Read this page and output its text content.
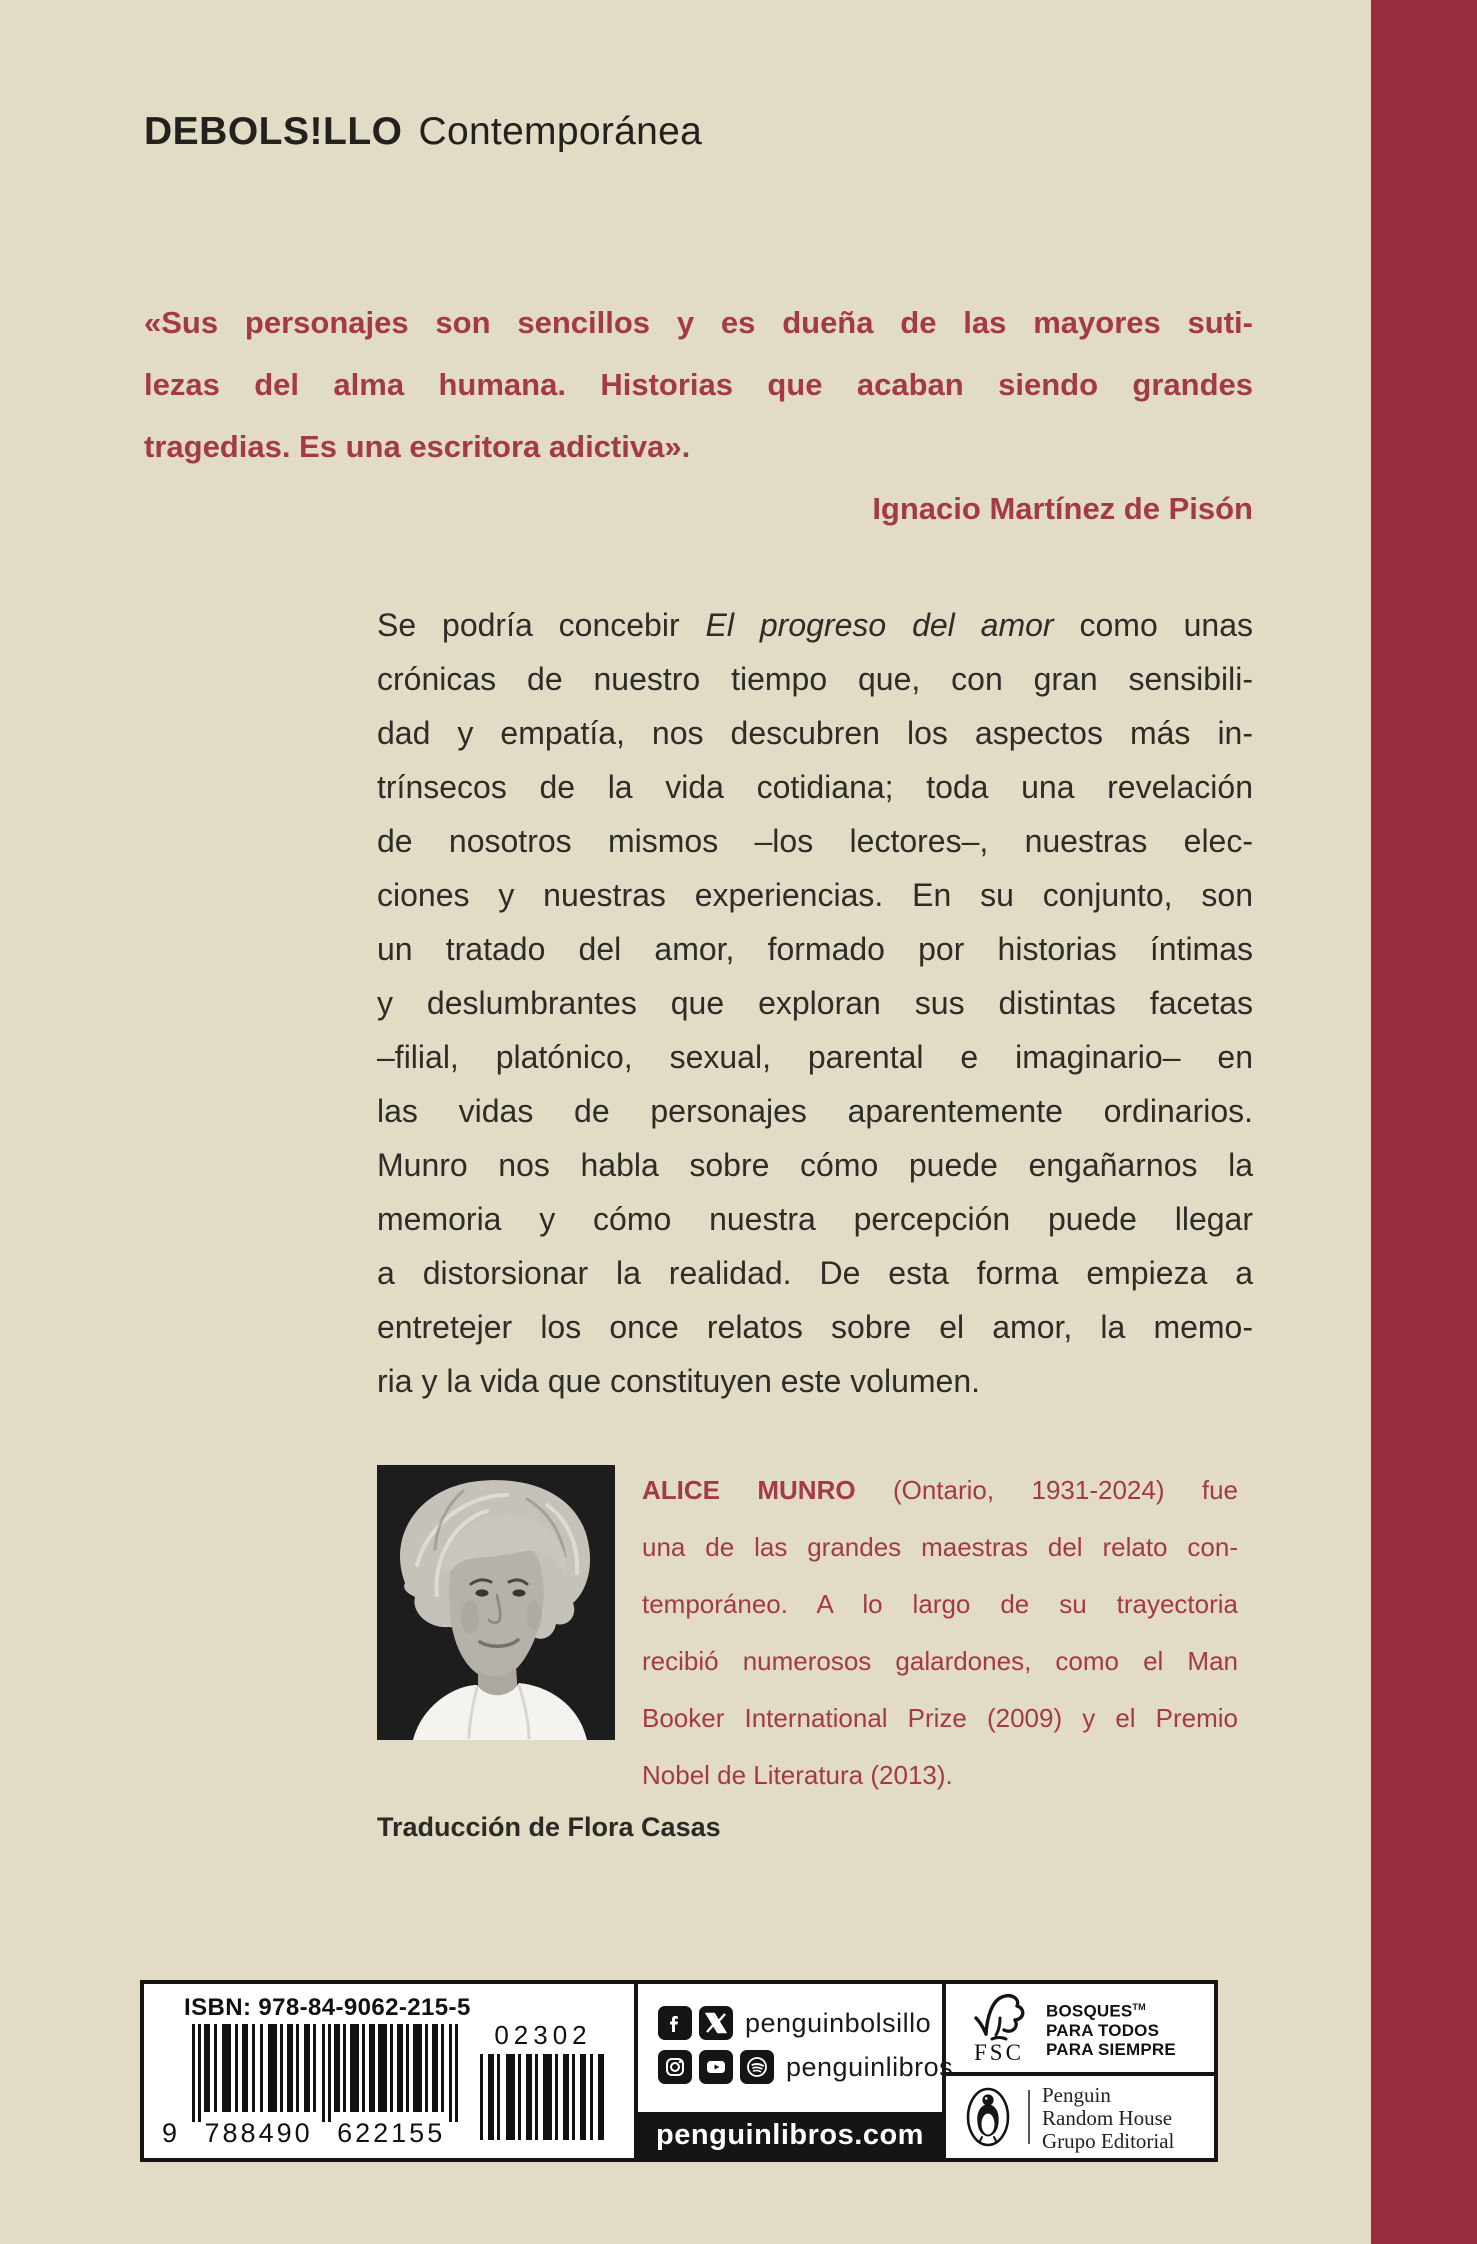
DEBOLS!LLO Contemporánea
«Sus personajes son sencillos y es dueña de las mayores suti-
lezas del alma humana. Historias que acaban siendo grandes
tragedias. Es una escritora adictiva».
Ignacio Martínez de Pisón
Se podría concebir El progreso del amor como unas
crónicas de nuestro tiempo que, con gran sensibili-
dad y empatía, nos descubren los aspectos más in-
trínsecos de la vida cotidiana; toda una revelación
de nosotros mismos –los lectores–, nuestras elec-
ciones y nuestras experiencias. En su conjunto, son
un tratado del amor, formado por historias íntimas
y deslumbrantes que exploran sus distintas facetas
–filial, platónico, sexual, parental e imaginario– en
las vidas de personajes aparentemente ordinarios.
Munro nos habla sobre cómo puede engañarnos la
memoria y cómo nuestra percepción puede llegar
a distorsionar la realidad. De esta forma empieza a
entretejer los once relatos sobre el amor, la memo-
ria y la vida que constituyen este volumen.
ALICE MUNRO (Ontario, 1931-2024) fue
una de las grandes maestras del relato con-
temporáneo. A lo largo de su trayectoria
recibió numerosos galardones, como el Man
Booker International Prize (2009) y el Premio
Nobel de Literatura (2013).
Traducción de Flora Casas
ISBN: 978-84-9062-215-5
9 788490 622155
02302	penguinbolsillo
penguinlibros
penguinlibros.com
FSC
BOSQUES™
PARA TODOS
PARA SIEMPRE
Penguin
Random House
Grupo Editorial
